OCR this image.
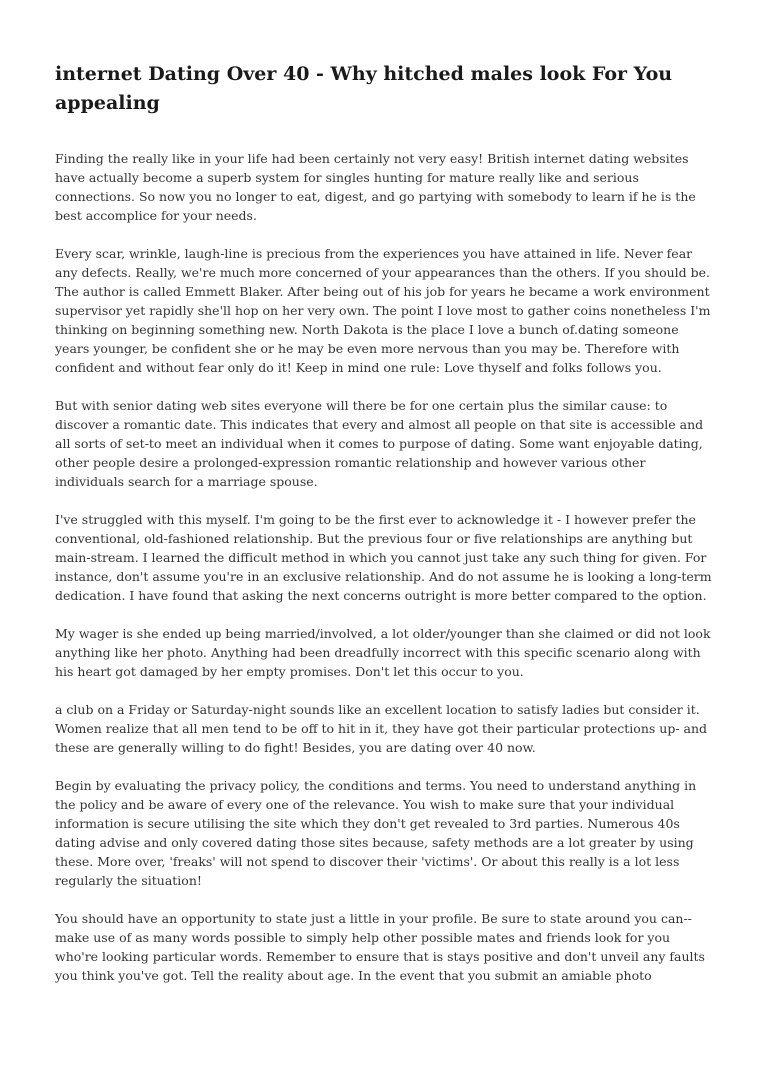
internet Dating Over 40 - Why hitched males look For You appealing

Finding the really like in your life had been certainly not very easy! British internet dating websites have actually become a superb system for singles hunting for mature really like and serious connections. So now you no longer to eat, digest, and go partying with somebody to learn if he is the best accomplice for your needs.

Every scar, wrinkle, laugh-line is precious from the experiences you have attained in life. Never fear any defects. Really, we're much more concerned of your appearances than the others. If you should be. The author is called Emmett Blaker. After being out of his job for years he became a work environment supervisor yet rapidly she'll hop on her very own. The point I love most to gather coins nonetheless I'm thinking on beginning something new. North Dakota is the place I love a bunch of.dating someone years younger, be confident she or he may be even more nervous than you may be. Therefore with confident and without fear only do it! Keep in mind one rule: Love thyself and folks follows you.

But with senior dating web sites everyone will there be for one certain plus the similar cause: to discover a romantic date. This indicates that every and almost all people on that site is accessible and all sorts of set-to meet an individual when it comes to purpose of dating. Some want enjoyable dating, other people desire a prolonged-expression romantic relationship and however various other individuals search for a marriage spouse.

I've struggled with this myself. I'm going to be the first ever to acknowledge it - I however prefer the conventional, old-fashioned relationship. But the previous four or five relationships are anything but main-stream. I learned the difficult method in which you cannot just take any such thing for given. For instance, don't assume you're in an exclusive relationship. And do not assume he is looking a long-term dedication. I have found that asking the next concerns outright is more better compared to the option.

My wager is she ended up being married/involved, a lot older/younger than she claimed or did not look anything like her photo. Anything had been dreadfully incorrect with this specific scenario along with his heart got damaged by her empty promises. Don't let this occur to you.

a club on a Friday or Saturday-night sounds like an excellent location to satisfy ladies but consider it. Women realize that all men tend to be off to hit in it, they have got their particular protections up- and these are generally willing to do fight! Besides, you are dating over 40 now.

Begin by evaluating the privacy policy, the conditions and terms. You need to understand anything in the policy and be aware of every one of the relevance. You wish to make sure that your individual information is secure utilising the site which they don't get revealed to 3rd parties. Numerous 40s dating advise and only covered dating those sites because, safety methods are a lot greater by using these. More over, 'freaks' will not spend to discover their 'victims'. Or about this really is a lot less regularly the situation!

You should have an opportunity to state just a little in your profile. Be sure to state around you can-- make use of as many words possible to simply help other possible mates and friends look for you who're looking particular words. Remember to ensure that is stays positive and don't unveil any faults you think you've got. Tell the reality about age. In the event that you submit an amiable photo
